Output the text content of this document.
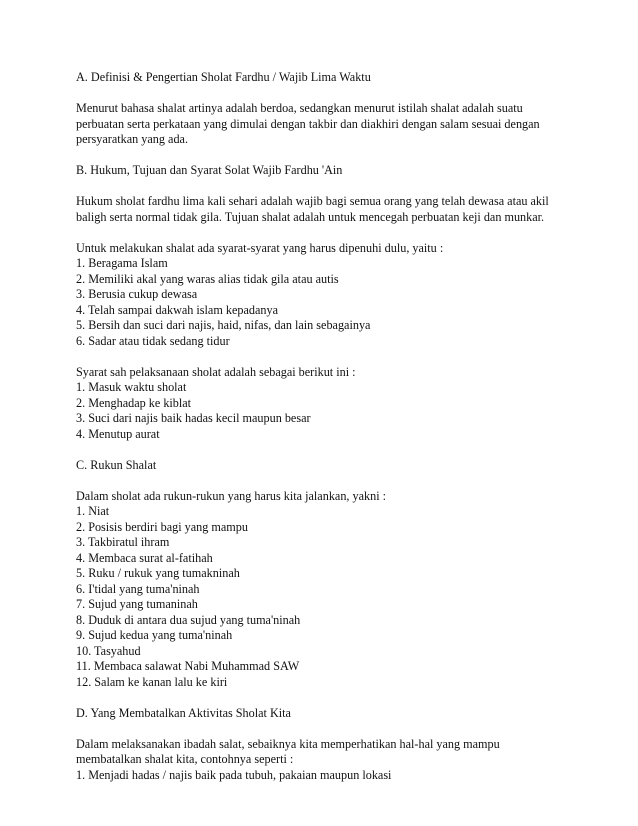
A. Definisi & Pengertian Sholat Fardhu / Wajib Lima Waktu
Menurut bahasa shalat artinya adalah berdoa, sedangkan menurut istilah shalat adalah suatu
perbuatan serta perkataan yang dimulai dengan takbir dan diakhiri dengan salam sesuai dengan
persyaratkan yang ada.
B. Hukum, Tujuan dan Syarat Solat Wajib Fardhu 'Ain
Hukum sholat fardhu lima kali sehari adalah wajib bagi semua orang yang telah dewasa atau akil
baligh serta normal tidak gila. Tujuan shalat adalah untuk mencegah perbuatan keji dan munkar.
Untuk melakukan shalat ada syarat-syarat yang harus dipenuhi dulu, yaitu :
1. Beragama Islam
2. Memiliki akal yang waras alias tidak gila atau autis
3. Berusia cukup dewasa
4. Telah sampai dakwah islam kepadanya
5. Bersih dan suci dari najis, haid, nifas, dan lain sebagainya
6. Sadar atau tidak sedang tidur
Syarat sah pelaksanaan sholat adalah sebagai berikut ini :
1. Masuk waktu sholat
2. Menghadap ke kiblat
3. Suci dari najis baik hadas kecil maupun besar
4. Menutup aurat
C. Rukun Shalat
Dalam sholat ada rukun-rukun yang harus kita jalankan, yakni :
1. Niat
2. Posisis berdiri bagi yang mampu
3. Takbiratul ihram
4. Membaca surat al-fatihah
5. Ruku / rukuk yang tumakninah
6. I'tidal yang tuma'ninah
7. Sujud yang tumaninah
8. Duduk di antara dua sujud yang tuma'ninah
9. Sujud kedua yang tuma'ninah
10. Tasyahud
11. Membaca salawat Nabi Muhammad SAW
12. Salam ke kanan lalu ke kiri
D. Yang Membatalkan Aktivitas Sholat Kita
Dalam melaksanakan ibadah salat, sebaiknya kita memperhatikan hal-hal yang mampu
membatalkan shalat kita, contohnya seperti :
1. Menjadi hadas / najis baik pada tubuh, pakaian maupun lokasi
